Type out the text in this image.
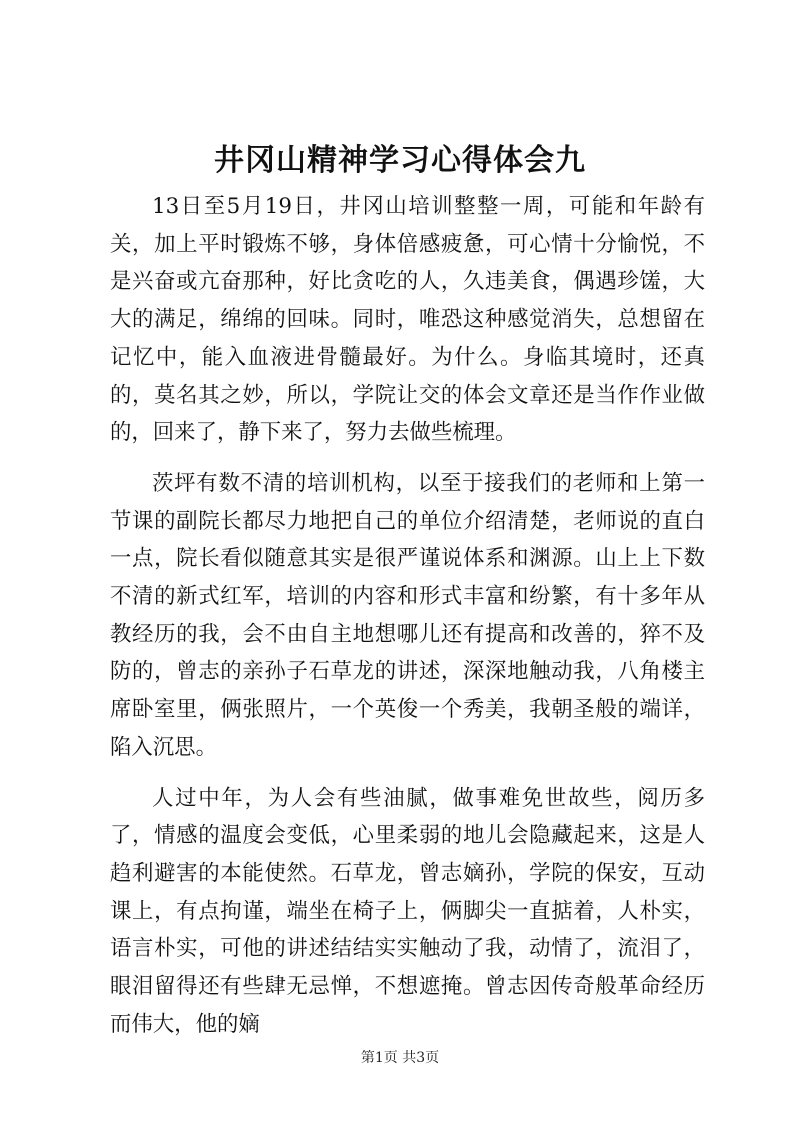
井冈山精神学习心得体会九

13日至5月19日，井冈山培训整整一周，可能和年龄有关，加上平时锻炼不够，身体倍感疲惫，可心情十分愉悦，不是兴奋或亢奋那种，好比贪吃的人，久违美食，偶遇珍馐，大大的满足，绵绵的回味。同时，唯恐这种感觉消失，总想留在记忆中，能入血液进骨髓最好。为什么。身临其境时，还真的，莫名其之妙，所以，学院让交的体会文章还是当作作业做的，回来了，静下来了，努力去做些梳理。

茨坪有数不清的培训机构，以至于接我们的老师和上第一节课的副院长都尽力地把自己的单位介绍清楚，老师说的直白一点，院长看似随意其实是很严谨说体系和渊源。山上上下数不清的新式红军，培训的内容和形式丰富和纷繁，有十多年从教经历的我，会不由自主地想哪儿还有提高和改善的，猝不及防的，曾志的亲孙子石草龙的讲述，深深地触动我，八角楼主席卧室里，俩张照片，一个英俊一个秀美，我朝圣般的端详，陷入沉思。

人过中年，为人会有些油腻，做事难免世故些，阅历多了，情感的温度会变低，心里柔弱的地儿会隐藏起来，这是人趋利避害的本能使然。石草龙，曾志嫡孙，学院的保安，互动课上，有点拘谨，端坐在椅子上，俩脚尖一直掂着，人朴实，语言朴实，可他的讲述结结实实触动了我，动情了，流泪了，眼泪留得还有些肆无忌惮，不想遮掩。曾志因传奇般革命经历而伟大，他的嫡

第1页 共3页
